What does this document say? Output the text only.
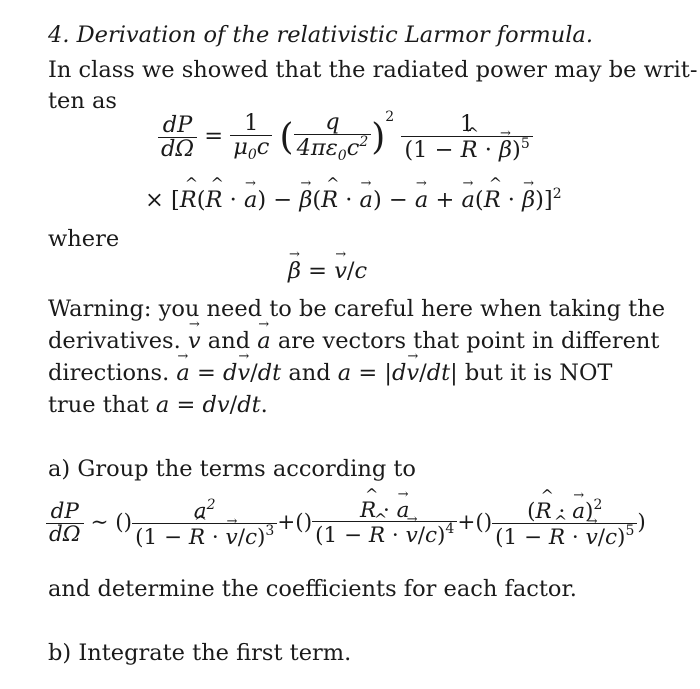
4. Derivation of the relativistic Larmor formula.
In class we showed that the radiated power may be writ-
ten as
$\frac{dP}{d\Omega} = \frac{1}{\mu_0c}$ ( $\frac{q}{4\pi\varepsilon_0c^2} )^2 \frac{1}{(1 - \^{} R \cdot \to \beta)^5}$
× [^ R(^ R · → a) − → β(^ R · → a) − → a + → a(^ R · → β)]$^2$
where
→ β = → v/c
Warning: you need to be careful here when taking the
derivatives. → v and → a are vectors that point in different
directions. → a = d→ v/dt and a = |d→ v/dt| but it is NOT
true that a = dv/dt.
a) Group the terms according to
$\frac{dP}{d\Omega}$ ∼ () $\frac{a^2}{(1 - \^{} R \cdot \to v/c)^3}$ +() ^ $\frac{R \cdot \to a}{(1 - \^{} R \cdot \to v/c)^4}$ +() $\frac{(\^{} R \cdot \to a)^2}{(1 - \^{} R \cdot \to v/c)^5}$ )
and determine the coefficients for each factor.
b) Integrate the first term.
